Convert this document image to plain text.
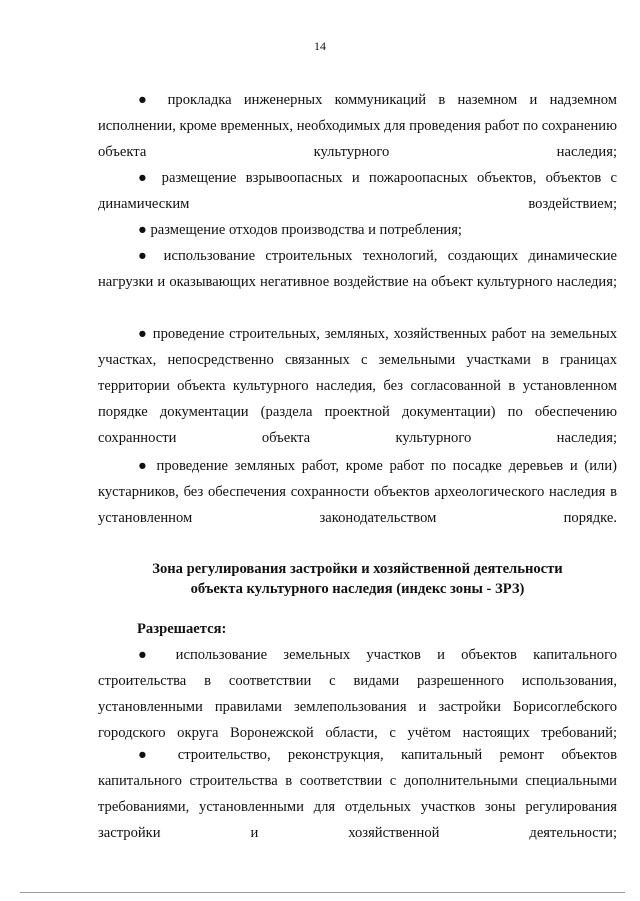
14
● прокладка инженерных коммуникаций в наземном и надземном исполнении, кроме временных, необходимых для проведения работ по сохранению объекта культурного наследия;
● размещение взрывоопасных и пожароопасных объектов, объектов с динамическим воздействием;
● размещение отходов производства и потребления;
● использование строительных технологий, создающих динамические нагрузки и оказывающих негативное воздействие на объект культурного наследия;
● проведение строительных, земляных, хозяйственных работ на земельных участках, непосредственно связанных с земельными участками в границах территории объекта культурного наследия, без согласованной в установленном порядке документации (раздела проектной документации) по обеспечению сохранности объекта культурного наследия;
● проведение земляных работ, кроме работ по посадке деревьев и (или) кустарников, без обеспечения сохранности объектов археологического наследия в установленном законодательством порядке.
Зона регулирования застройки и хозяйственной деятельности
объекта культурного наследия (индекс зоны - ЗРЗ)
Разрешается:
● использование земельных участков и объектов капитального строительства в соответствии с видами разрешенного использования, установленными правилами землепользования и застройки Борисоглебского городского округа Воронежской области, с учётом настоящих требований;
● строительство, реконструкция, капитальный ремонт объектов капитального строительства в соответствии с дополнительными специальными требованиями, установленными для отдельных участков зоны регулирования застройки и хозяйственной деятельности;
